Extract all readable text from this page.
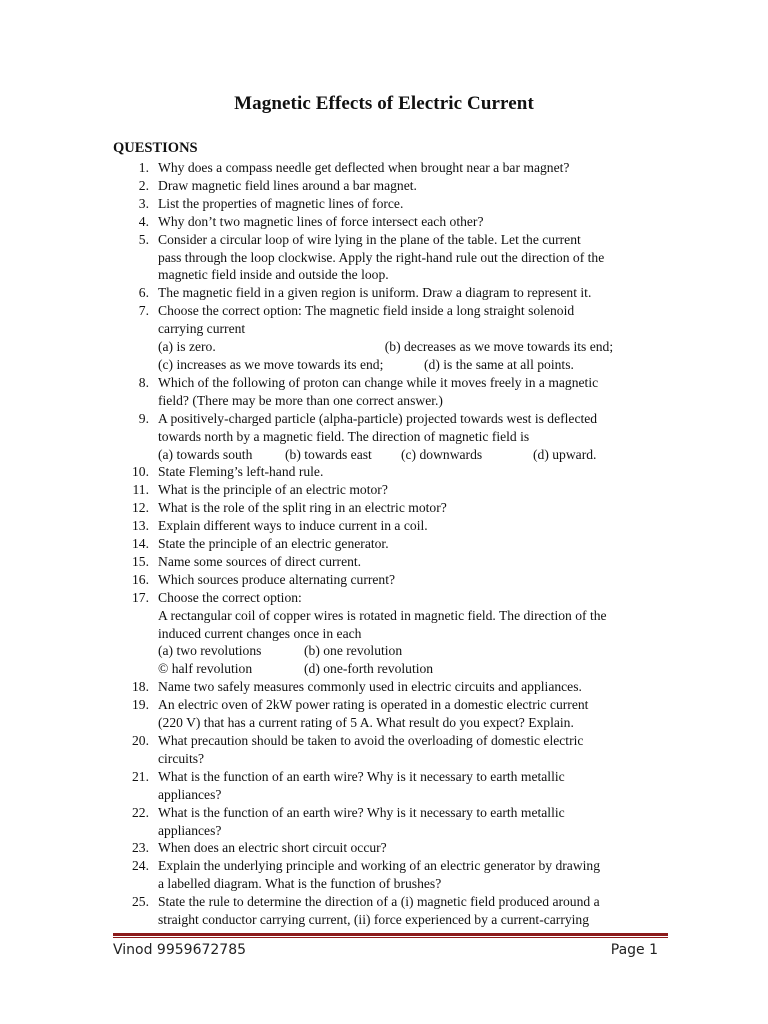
Magnetic Effects of Electric Current
QUESTIONS
1. Why does a compass needle get deflected when brought near a bar magnet?
2. Draw magnetic field lines around a bar magnet.
3. List the properties of magnetic lines of force.
4. Why don’t two magnetic lines of force intersect each other?
5. Consider a circular loop of wire lying in the plane of the table. Let the current
pass through the loop clockwise. Apply the right-hand rule out the direction of the
magnetic field inside and outside the loop.
6. The magnetic field in a given region is uniform. Draw a diagram to represent it.
7. Choose the correct option: The magnetic field inside a long straight solenoid
carrying current
(a) is zero.	(b) decreases as we move towards its end;
(c) increases as we move towards its end;	(d) is the same at all points.
8. Which of the following of proton can change while it moves freely in a magnetic
field? (There may be more than one correct answer.)
9. A positively-charged particle (alpha-particle) projected towards west is deflected
towards north by a magnetic field. The direction of magnetic field is
(a) towards south	(b) towards east	(c) downwards	(d) upward.
10. State Fleming’s left-hand rule.
11. What is the principle of an electric motor?
12. What is the role of the split ring in an electric motor?
13. Explain different ways to induce current in a coil.
14. State the principle of an electric generator.
15. Name some sources of direct current.
16. Which sources produce alternating current?
17. Choose the correct option:
A rectangular coil of copper wires is rotated in magnetic field. The direction of the
induced current changes once in each
(a) two revolutions	(b) one revolution
© half revolution	(d) one-forth revolution
18. Name two safely measures commonly used in electric circuits and appliances.
19. An electric oven of 2kW power rating is operated in a domestic electric current
(220 V) that has a current rating of 5 A. What result do you expect? Explain.
20. What precaution should be taken to avoid the overloading of domestic electric
circuits?
21. What is the function of an earth wire? Why is it necessary to earth metallic
appliances?
22. What is the function of an earth wire? Why is it necessary to earth metallic
appliances?
23. When does an electric short circuit occur?
24. Explain the underlying principle and working of an electric generator by drawing
a labelled diagram. What is the function of brushes?
25. State the rule to determine the direction of a (i) magnetic field produced around a
straight conductor carrying current, (ii) force experienced by a current-carrying
Vinod 9959672785	Page 1
